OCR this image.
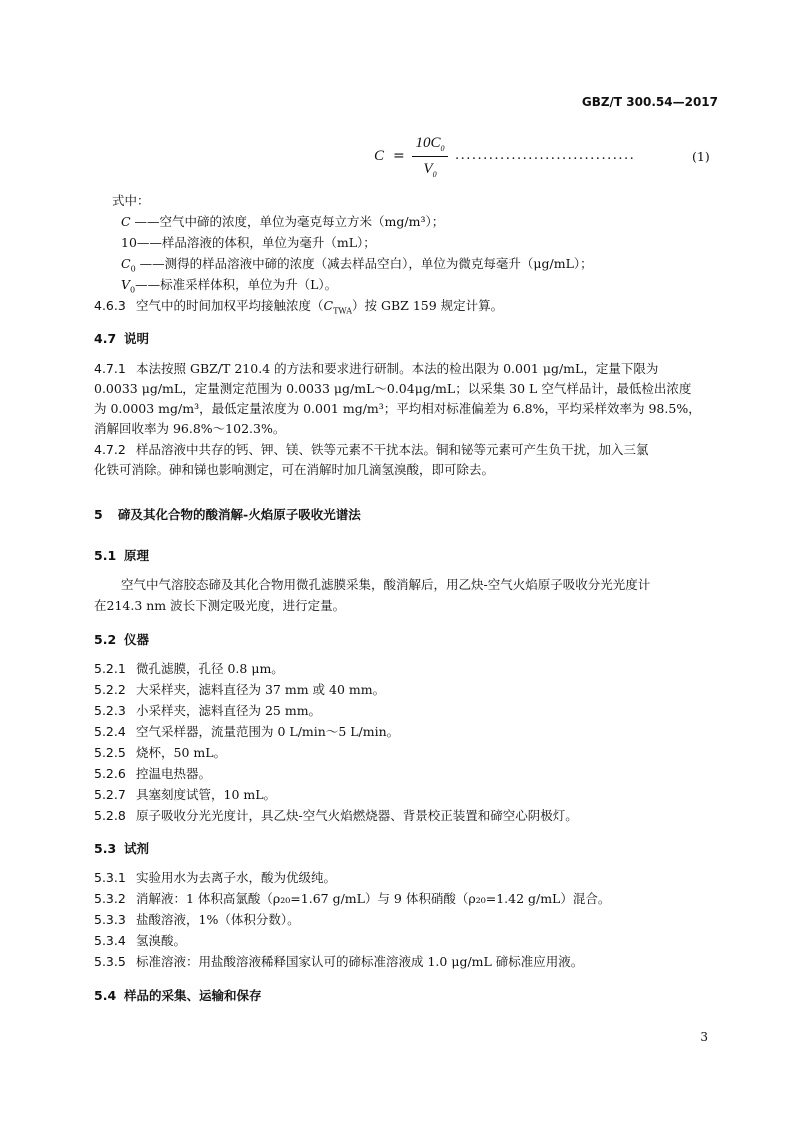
GBZ/T 300.54—2017
C =
$10C_0$
$V_0$
................................	(1)
式中：
C ——空气中碲的浓度，单位为毫克每立方米（mg/m³）；
10——样品溶液的体积，单位为毫升（mL）；
$C_0$ ——测得的样品溶液中碲的浓度（减去样品空白），单位为微克每毫升（μg/mL）；
$V_0——$标准采样体积，单位为升（L）。
4.6.3 空气中的时间加权平均接触浓度$(C_{TWA})$按 GBZ 159 规定计算。
4.7 说明
4.7.1 本法按照 GBZ/T 210.4 的方法和要求进行研制。本法的检出限为 0.001 μg/mL，定量下限为
0.0033 μg/mL，定量测定范围为 0.0033 μg/mL～0.04μg/mL；以采集 30 L 空气样品计，最低检出浓度
为 0.0003 mg/m³，最低定量浓度为 0.001 mg/m³；平均相对标准偏差为 6.8%，平均采样效率为 98.5%，
消解回收率为 96.8%～102.3%。
4.7.2 样品溶液中共存的钙、钾、镁、铁等元素不干扰本法。铜和铋等元素可产生负干扰，加入三氯
化铁可消除。砷和锑也影响测定，可在消解时加几滴氢溴酸，即可除去。
5 碲及其化合物的酸消解-火焰原子吸收光谱法
5.1 原理
空气中气溶胶态碲及其化合物用微孔滤膜采集，酸消解后，用乙炔-空气火焰原子吸收分光光度计
在214.3 nm 波长下测定吸光度，进行定量。
5.2 仪器
5.2.1 微孔滤膜，孔径 0.8 μm。
5.2.2 大采样夹，滤料直径为 37 mm 或 40 mm。
5.2.3 小采样夹，滤料直径为 25 mm。
5.2.4 空气采样器，流量范围为 0 L/min～5 L/min。
5.2.5 烧杯，50 mL。
5.2.6 控温电热器。
5.2.7 具塞刻度试管，10 mL。
5.2.8 原子吸收分光光度计，具乙炔-空气火焰燃烧器、背景校正装置和碲空心阴极灯。
5.3 试剂
5.3.1 实验用水为去离子水，酸为优级纯。
5.3.2 消解液：1 体积高氯酸（ρ₂₀=1.67 g/mL）与 9 体积硝酸（ρ₂₀=1.42 g/mL）混合。
5.3.3 盐酸溶液，1%（体积分数）。
5.3.4 氢溴酸。
5.3.5 标准溶液：用盐酸溶液稀释国家认可的碲标准溶液成 1.0 μg/mL 碲标准应用液。
5.4 样品的采集、运输和保存
3
